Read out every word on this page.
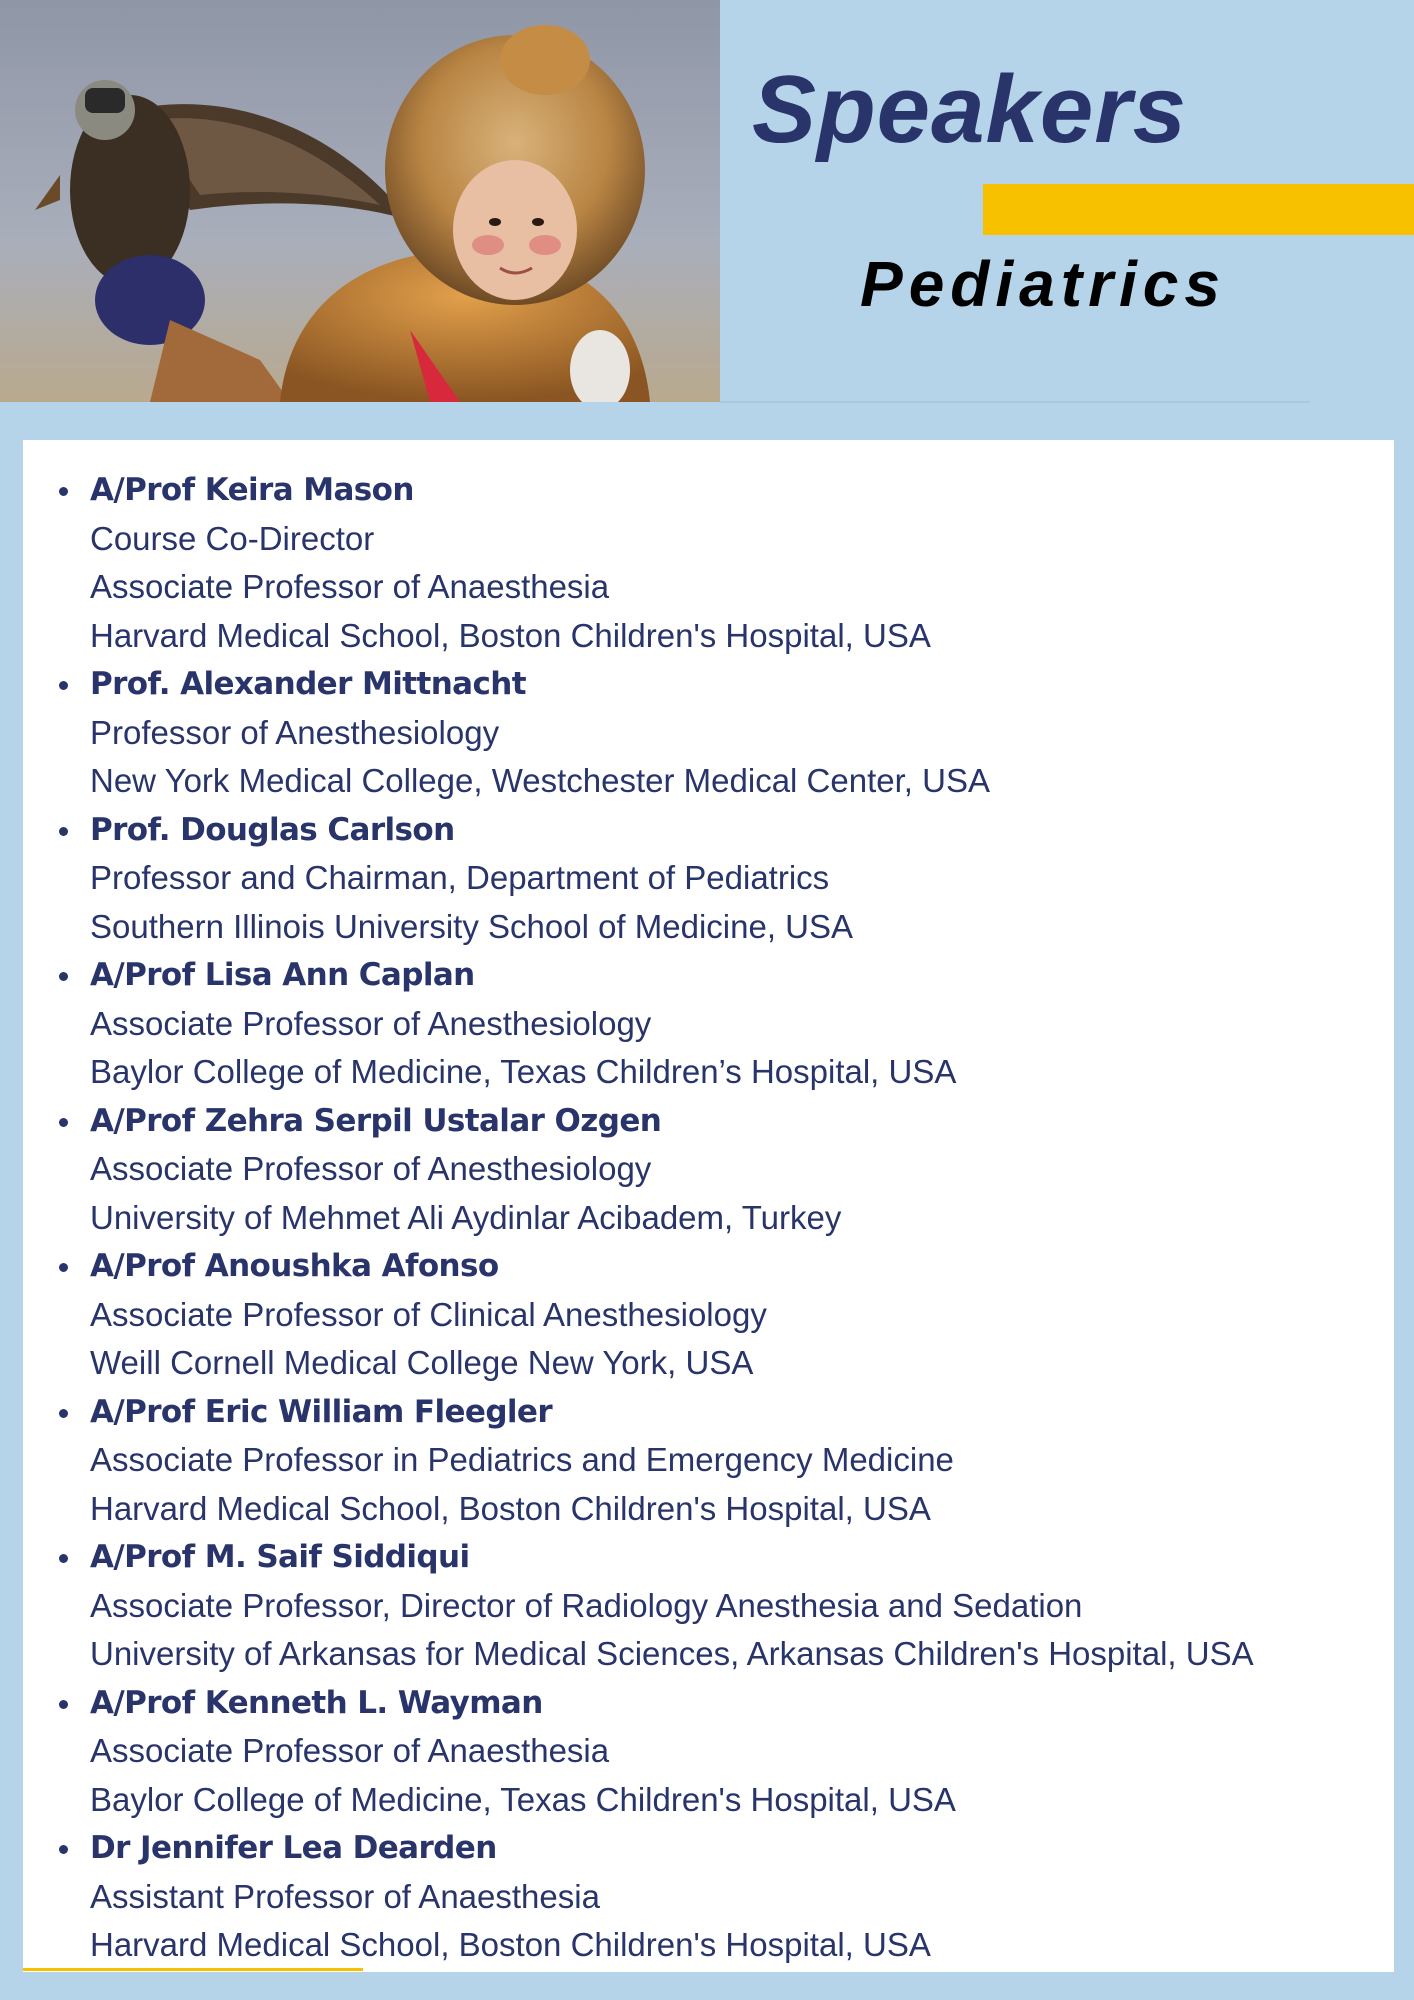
Speakers
Pediatrics
A/Prof Keira Mason
Course Co-Director
Associate Professor of Anaesthesia
Harvard Medical School, Boston Children's Hospital, USA
Prof. Alexander Mittnacht
Professor of Anesthesiology
New York Medical College, Westchester Medical Center, USA
Prof. Douglas Carlson
Professor and Chairman, Department of Pediatrics
Southern Illinois University School of Medicine, USA
A/Prof Lisa Ann Caplan
Associate Professor of Anesthesiology
Baylor College of Medicine, Texas Children’s Hospital, USA
A/Prof Zehra Serpil Ustalar Ozgen
Associate Professor of Anesthesiology
University of Mehmet Ali Aydinlar Acibadem, Turkey
A/Prof Anoushka Afonso
Associate Professor of Clinical Anesthesiology
Weill Cornell Medical College New York, USA
A/Prof Eric William Fleegler
Associate Professor in Pediatrics and Emergency Medicine
Harvard Medical School, Boston Children's Hospital, USA
A/Prof M. Saif Siddiqui
Associate Professor, Director of Radiology Anesthesia and Sedation
University of Arkansas for Medical Sciences, Arkansas Children's Hospital, USA
A/Prof Kenneth L. Wayman
Associate Professor of Anaesthesia
Baylor College of Medicine, Texas Children's Hospital, USA
Dr Jennifer Lea Dearden
Assistant Professor of Anaesthesia
Harvard Medical School, Boston Children's Hospital, USA
